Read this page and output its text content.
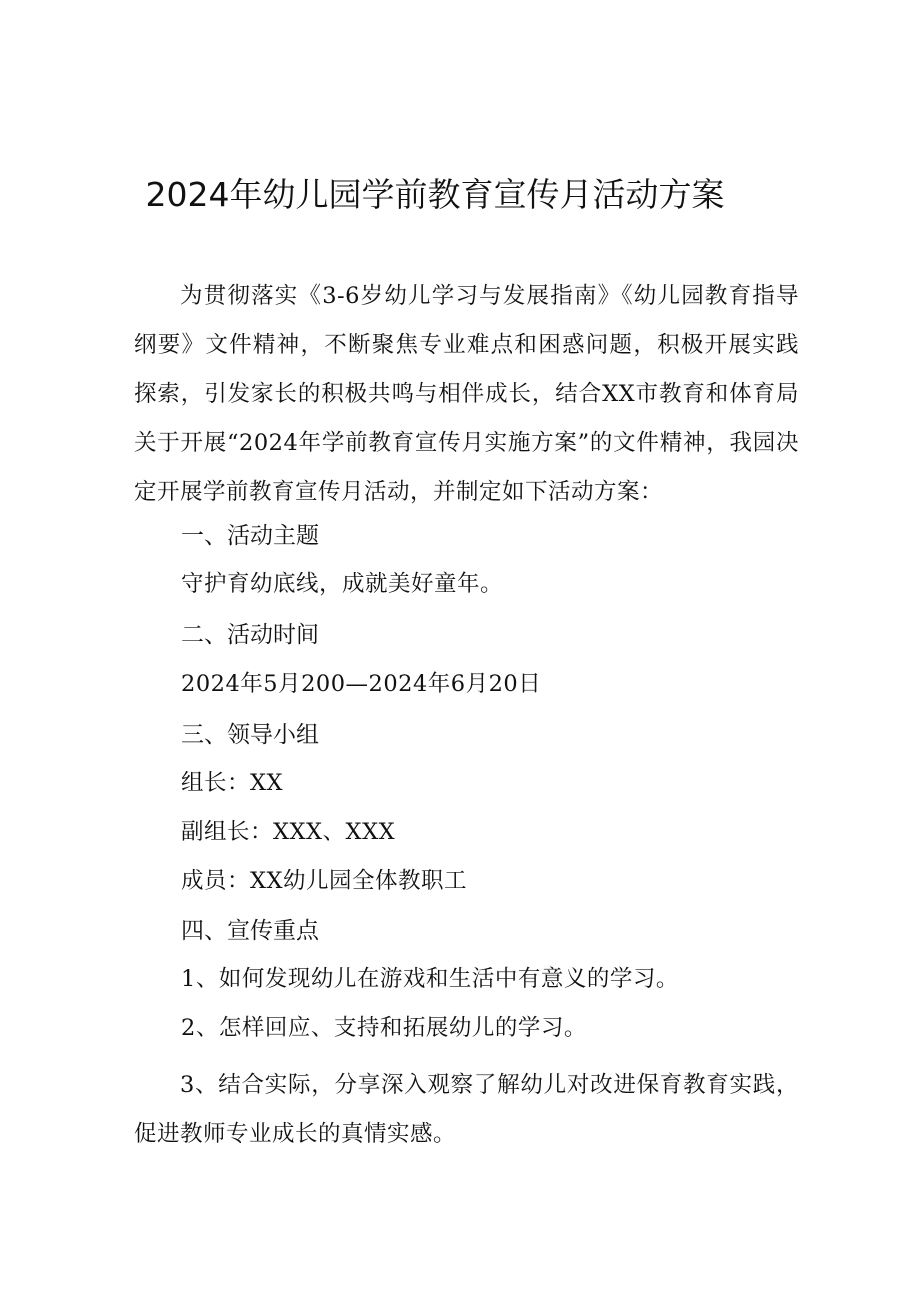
2024年幼儿园学前教育宣传月活动方案

为贯彻落实《3-6岁幼儿学习与发展指南》《幼儿园教育指导纲要》文件精神，不断聚焦专业难点和困惑问题，积极开展实践探索，引发家长的积极共鸣与相伴成长，结合XX市教育和体育局关于开展“2024年学前教育宣传月实施方案”的文件精神，我园决定开展学前教育宣传月活动，并制定如下活动方案：

一、活动主题

守护育幼底线，成就美好童年。

二、活动时间

2024年5月200—2024年6月20日

三、领导小组

组长：XX

副组长：XXX、XXX

成员：XX幼儿园全体教职工

四、宣传重点

1、如何发现幼儿在游戏和生活中有意义的学习。

2、怎样回应、支持和拓展幼儿的学习。

3、结合实际，分享深入观察了解幼儿对改进保育教育实践，促进教师专业成长的真情实感。
